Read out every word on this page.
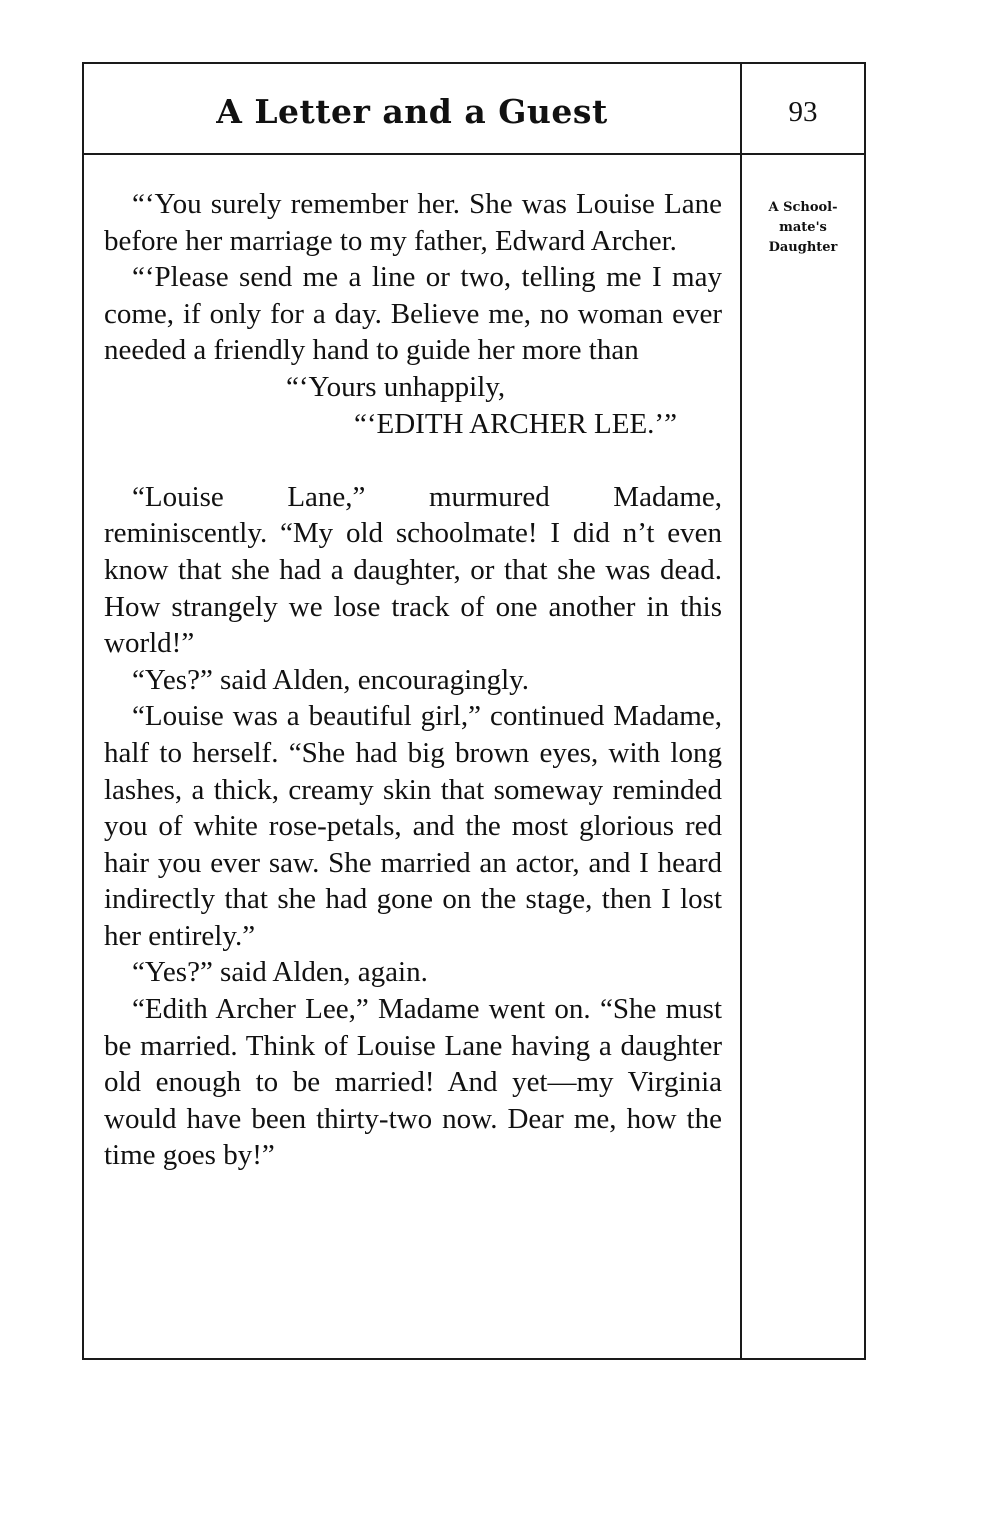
A Letter and a Guest	93
A School-
mate's
Daughter

“‘You surely remember her. She was Louise Lane before her marriage to my father, Edward Archer.

“‘Please send me a line or two, telling me I may come, if only for a day. Believe me, no woman ever needed a friendly hand to guide her more than

“‘Yours unhappily,

“‘EDITH ARCHER LEE.’”

“Louise Lane,” murmured Madame, reminiscently. “My old schoolmate! I did n’t even know that she had a daughter, or that she was dead. How strangely we lose track of one another in this world!”

“Yes?” said Alden, encouragingly.

“Louise was a beautiful girl,” continued Madame, half to herself. “She had big brown eyes, with long lashes, a thick, creamy skin that someway reminded you of white rose-petals, and the most glorious red hair you ever saw. She married an actor, and I heard indirectly that she had gone on the stage, then I lost her entirely.”

“Yes?” said Alden, again.

“Edith Archer Lee,” Madame went on. “She must be married. Think of Louise Lane having a daughter old enough to be married! And yet—my Virginia would have been thirty-two now. Dear me, how the time goes by!”
